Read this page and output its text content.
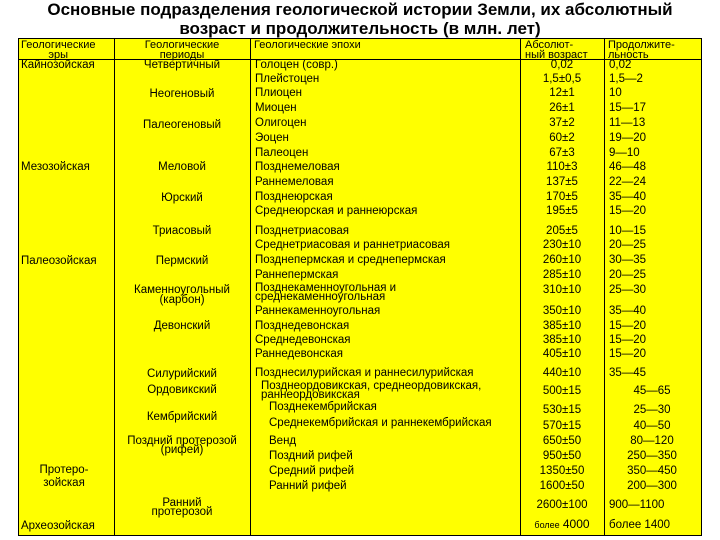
Основные подразделения геологической истории Земли, их абсолютный
возраст и продолжительность (в млн. лет)
Геологические
эры
Геологические
периоды
Геологические эпохи	Абсолют-
ный возраст
Продолжите-
льность
Кайнозойская
Мезозойская
Палеозойская
Протеро-
зойская
Археозойская
Четвертичный
Неогеновый
Палеогеновый
Меловой
Юрский
Триасовый
Пермский
Каменноугольный
(карбон)
Девонский
Силурийский
Ордовикский
Кембрийский
Поздний протерозой
(рифей)
Ранний
протерозой
Голоцен (совр.)
Плейстоцен
Плиоцен
Миоцен
Олигоцен
Эоцен
Палеоцен
Позднемеловая
Раннемеловая
Позднеюрская
Среднеюрская и раннеюрская
Позднетриасовая
Среднетриасовая и раннетриасовая
Позднепермская и среднепермская
Раннепермская
Позднекаменноугольная и
среднекаменноугольная
Раннекаменноугольная
Позднедевонская
Среднедевонская
Раннедевонская
Позднесилурийская и раннесилурийская
Позднеордовикская, среднеордовикская,
раннеордовикская
Позднекембрийская
Среднекембрийская и раннекембрийская
Венд
Поздний рифей
Средний рифей
Ранний рифей
0,02
1,5±0,5
12±1
26±1
37±2
60±2
67±3
110±3
137±5
170±5
195±5
205±5
230±10
260±10
285±10
310±10
350±10
385±10
385±10
405±10
440±10
500±15
530±15
570±15
650±50
950±50
1350±50
1600±50
2600±100
более 4000
0,02
1,5—2
10
15—17
11—13
19—20
9—10
46—48
22—24
35—40
15—20
10—15
20—25
30—35
20—25
25—30
35—40
15—20
15—20
15—20
35—45
45—65
25—30
40—50
80—120
250—350
350—450
200—300
900—1100
более 1400
